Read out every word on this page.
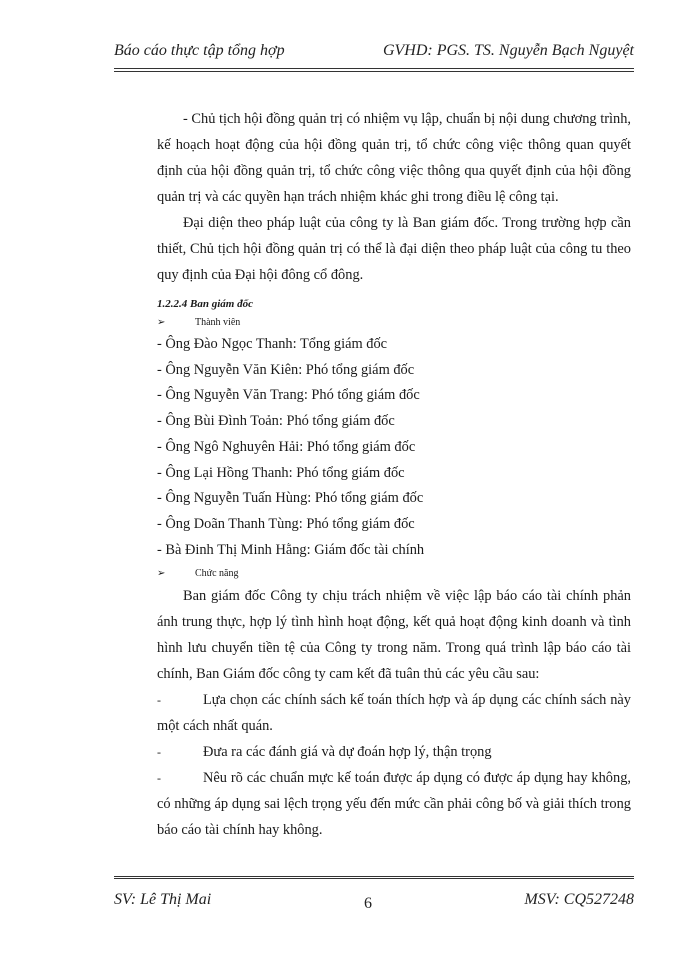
Báo cáo thực tập tổng hợp	GVHD: PGS. TS. Nguyễn Bạch Nguyệt

- Chủ tịch hội đồng quản trị có nhiệm vụ lập, chuẩn bị nội dung chương trình, kế hoạch hoạt động của hội đồng quản trị, tổ chức công việc thông quan quyết định của hội đồng quản trị, tổ chức công việc thông qua quyết định của hội đồng quản trị và các quyền hạn trách nhiệm khác ghi trong điều lệ công tại.

Đại diện theo pháp luật của công ty là Ban giám đốc. Trong trường hợp cần thiết, Chủ tịch hội đồng quản trị có thể là đại diện theo pháp luật của công tu theo quy định của Đại hội đông cổ đông.

1.2.2.4 Ban giám đốc

➢	Thành viên

- Ông Đào Ngọc Thanh: Tổng giám đốc

- Ông Nguyễn Văn Kiên: Phó tổng giám đốc

- Ông Nguyễn Văn Trang: Phó tổng giám đốc

- Ông Bùi Đình Toản: Phó tổng giám đốc

- Ông Ngô Nghuyên Hải: Phó tổng giám đốc

- Ông Lại Hồng Thanh: Phó tổng giám đốc

- Ông Nguyễn Tuấn Hùng: Phó tổng giám đốc

- Ông Doãn Thanh Tùng: Phó tổng giám đốc

- Bà Đinh Thị Minh Hằng: Giám đốc tài chính

➢	Chức năng

Ban giám đốc Công ty chịu trách nhiệm về việc lập báo cáo tài chính phản ánh trung thực, hợp lý tình hình hoạt động, kết quả hoạt động kinh doanh và tình hình lưu chuyển tiền tệ của Công ty trong năm. Trong quá trình lập báo cáo tài chính, Ban Giám đốc công ty cam kết đã tuân thủ các yêu cầu sau:

-	Lựa chọn các chính sách kế toán thích hợp và áp dụng các chính sách này một cách nhất quán.

-	Đưa ra các đánh giá và dự đoán hợp lý, thận trọng

-	Nêu rõ các chuẩn mực kế toán được áp dụng có được áp dụng hay không, có những áp dụng sai lệch trọng yếu đến mức cần phải công bố và giải thích trong báo cáo tài chính hay không.

SV: Lê Thị Mai	6	MSV: CQ527248
